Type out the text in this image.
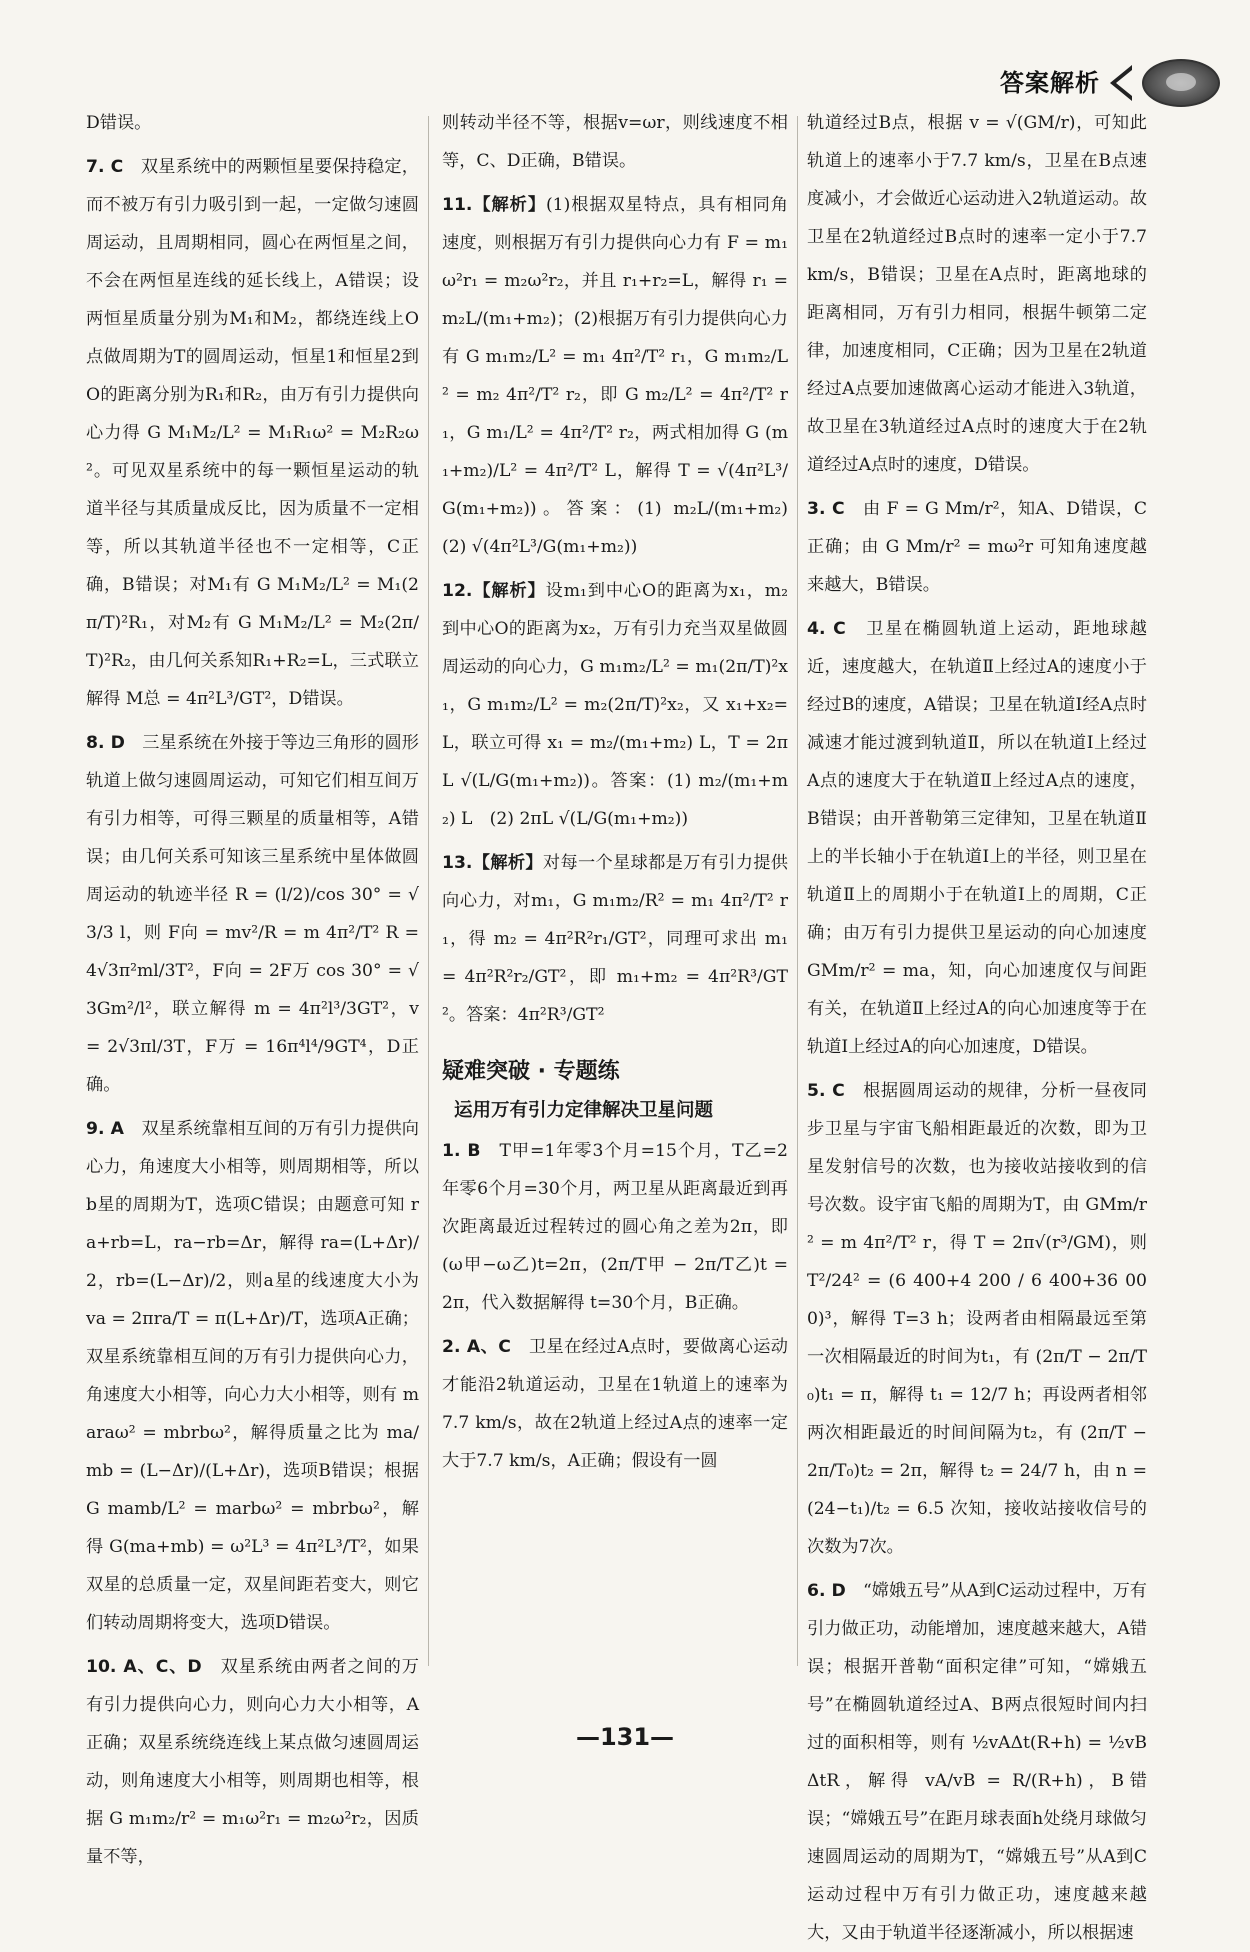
答案解析

D错误。

7. C　 双星系统中的两颗恒星要保持稳定，而不被万有引力吸引到一起，一定做匀速圆周运动，且周期相同，圆心在两恒星之间，不会在两恒星连线的延长线上，A错误；设两恒星质量分别为M₁和M₂，都绕连线上O点做周期为T的圆周运动，恒星1和恒星2到O的距离分别为R₁和R₂，由万有引力提供向心力得 G M₁M₂/L² = M₁R₁ω² = M₂R₂ω²。可见双星系统中的每一颗恒星运动的轨道半径与其质量成反比，因为质量不一定相等，所以其轨道半径也不一定相等，C正确，B错误；对M₁有 G M₁M₂/L² = M₁(2π/T)²R₁，对M₂有 G M₁M₂/L² = M₂(2π/T)²R₂，由几何关系知R₁+R₂=L，三式联立解得 M总 = 4π²L³/GT²，D错误。

8. D　 三星系统在外接于等边三角形的圆形轨道上做匀速圆周运动，可知它们相互间万有引力相等，可得三颗星的质量相等，A错误；由几何关系可知该三星系统中星体做圆周运动的轨迹半径 R = (l/2)/cos 30° = √3/3 l，则 F向 = mv²/R = m 4π²/T² R = 4√3π²ml/3T²，F向 = 2F万 cos 30° = √3Gm²/l²，联立解得 m = 4π²l³/3GT²，v = 2√3πl/3T，F万 = 16π⁴l⁴/9GT⁴，D正确。

9. A　 双星系统靠相互间的万有引力提供向心力，角速度大小相等，则周期相等，所以b星的周期为T，选项C错误；由题意可知 ra+rb=L，ra−rb=Δr，解得 ra=(L+Δr)/2，rb=(L−Δr)/2，则a星的线速度大小为 va = 2πra/T = π(L+Δr)/T，选项A正确；双星系统靠相互间的万有引力提供向心力，角速度大小相等，向心力大小相等，则有 maraω² = mbrbω²，解得质量之比为 ma/mb = (L−Δr)/(L+Δr)，选项B错误；根据 G mamb/L² = marbω² = mbrbω²，解得 G(ma+mb) = ω²L³ = 4π²L³/T²，如果双星的总质量一定，双星间距若变大，则它们转动周期将变大，选项D错误。

10. A、C、D　 双星系统由两者之间的万有引力提供向心力，则向心力大小相等，A正确；双星系统绕连线上某点做匀速圆周运动，则角速度大小相等，则周期也相等，根据 G m₁m₂/r² = m₁ω²r₁ = m₂ω²r₂，因质量不等，

则转动半径不等，根据v=ωr，则线速度不相等，C、D正确，B错误。

11.【解析】(1)根据双星特点，具有相同角速度，则根据万有引力提供向心力有 F = m₁ω²r₁ = m₂ω²r₂，并且 r₁+r₂=L，解得 r₁ = m₂L/(m₁+m₂)；(2)根据万有引力提供向心力有 G m₁m₂/L² = m₁ 4π²/T² r₁，G m₁m₂/L² = m₂ 4π²/T² r₂，即 G m₂/L² = 4π²/T² r₁，G m₁/L² = 4π²/T² r₂，两式相加得 G (m₁+m₂)/L² = 4π²/T² L，解得 T = √(4π²L³/G(m₁+m₂))。答案：(1) m₂L/(m₁+m₂)　(2) √(4π²L³/G(m₁+m₂))

12.【解析】设m₁到中心O的距离为x₁，m₂到中心O的距离为x₂，万有引力充当双星做圆周运动的向心力，G m₁m₂/L² = m₁(2π/T)²x₁，G m₁m₂/L² = m₂(2π/T)²x₂，又 x₁+x₂=L，联立可得 x₁ = m₂/(m₁+m₂) L，T = 2πL √(L/G(m₁+m₂))。答案：(1) m₂/(m₁+m₂) L　(2) 2πL √(L/G(m₁+m₂))

13.【解析】对每一个星球都是万有引力提供向心力，对m₁，G m₁m₂/R² = m₁ 4π²/T² r₁，得 m₂ = 4π²R²r₁/GT²，同理可求出 m₁ = 4π²R²r₂/GT²，即 m₁+m₂ = 4π²R³/GT²。答案：4π²R³/GT²

疑难突破 · 专题练
运用万有引力定律解决卫星问题

1. B　 T甲=1年零3个月=15个月，T乙=2年零6个月=30个月，两卫星从距离最近到再次距离最近过程转过的圆心角之差为2π，即(ω甲−ω乙)t=2π，(2π/T甲 − 2π/T乙)t = 2π，代入数据解得 t=30个月，B正确。

2. A、C　 卫星在经过A点时，要做离心运动才能沿2轨道运动，卫星在1轨道上的速率为7.7 km/s，故在2轨道上经过A点的速率一定大于7.7 km/s，A正确；假设有一圆

轨道经过B点，根据 v = √(GM/r)，可知此轨道上的速率小于7.7 km/s，卫星在B点速度减小，才会做近心运动进入2轨道运动。故卫星在2轨道经过B点时的速率一定小于7.7 km/s，B错误；卫星在A点时，距离地球的距离相同，万有引力相同，根据牛顿第二定律，加速度相同，C正确；因为卫星在2轨道经过A点要加速做离心运动才能进入3轨道，故卫星在3轨道经过A点时的速度大于在2轨道经过A点时的速度，D错误。

3. C　 由 F = G Mm/r²，知A、D错误，C正确；由 G Mm/r² = mω²r 可知角速度越来越大，B错误。

4. C　 卫星在椭圆轨道上运动，距地球越近，速度越大，在轨道Ⅱ上经过A的速度小于经过B的速度，A错误；卫星在轨道Ⅰ经A点时减速才能过渡到轨道Ⅱ，所以在轨道Ⅰ上经过A点的速度大于在轨道Ⅱ上经过A点的速度，B错误；由开普勒第三定律知，卫星在轨道Ⅱ上的半长轴小于在轨道Ⅰ上的半径，则卫星在轨道Ⅱ上的周期小于在轨道Ⅰ上的周期，C正确；由万有引力提供卫星运动的向心加速度 GMm/r² = ma，知，向心加速度仅与间距有关，在轨道Ⅱ上经过A的向心加速度等于在轨道Ⅰ上经过A的向心加速度，D错误。

5. C　 根据圆周运动的规律，分析一昼夜同步卫星与宇宙飞船相距最近的次数，即为卫星发射信号的次数，也为接收站接收到的信号次数。设宇宙飞船的周期为T，由 GMm/r² = m 4π²/T² r，得 T = 2π√(r³/GM)，则 T²/24² = (6 400+4 200 / 6 400+36 000)³，解得 T=3 h；设两者由相隔最远至第一次相隔最近的时间为t₁，有 (2π/T − 2π/T₀)t₁ = π，解得 t₁ = 12/7 h；再设两者相邻两次相距最近的时间间隔为t₂，有 (2π/T − 2π/T₀)t₂ = 2π，解得 t₂ = 24/7 h，由 n = (24−t₁)/t₂ = 6.5 次知，接收站接收信号的次数为7次。

6. D　 “嫦娥五号”从A到C运动过程中，万有引力做正功，动能增加，速度越来越大，A错误；根据开普勒“面积定律”可知，“嫦娥五号”在椭圆轨道经过A、B两点很短时间内扫过的面积相等，则有 ½vAΔt(R+h) = ½vBΔtR，解得 vA/vB = R/(R+h)，B错误；“嫦娥五号”在距月球表面h处绕月球做匀速圆周运动的周期为T，“嫦娥五号”从A到C运动过程中万有引力做正功，速度越来越大，又由于轨道半径逐渐减小，所以根据速

—131—
